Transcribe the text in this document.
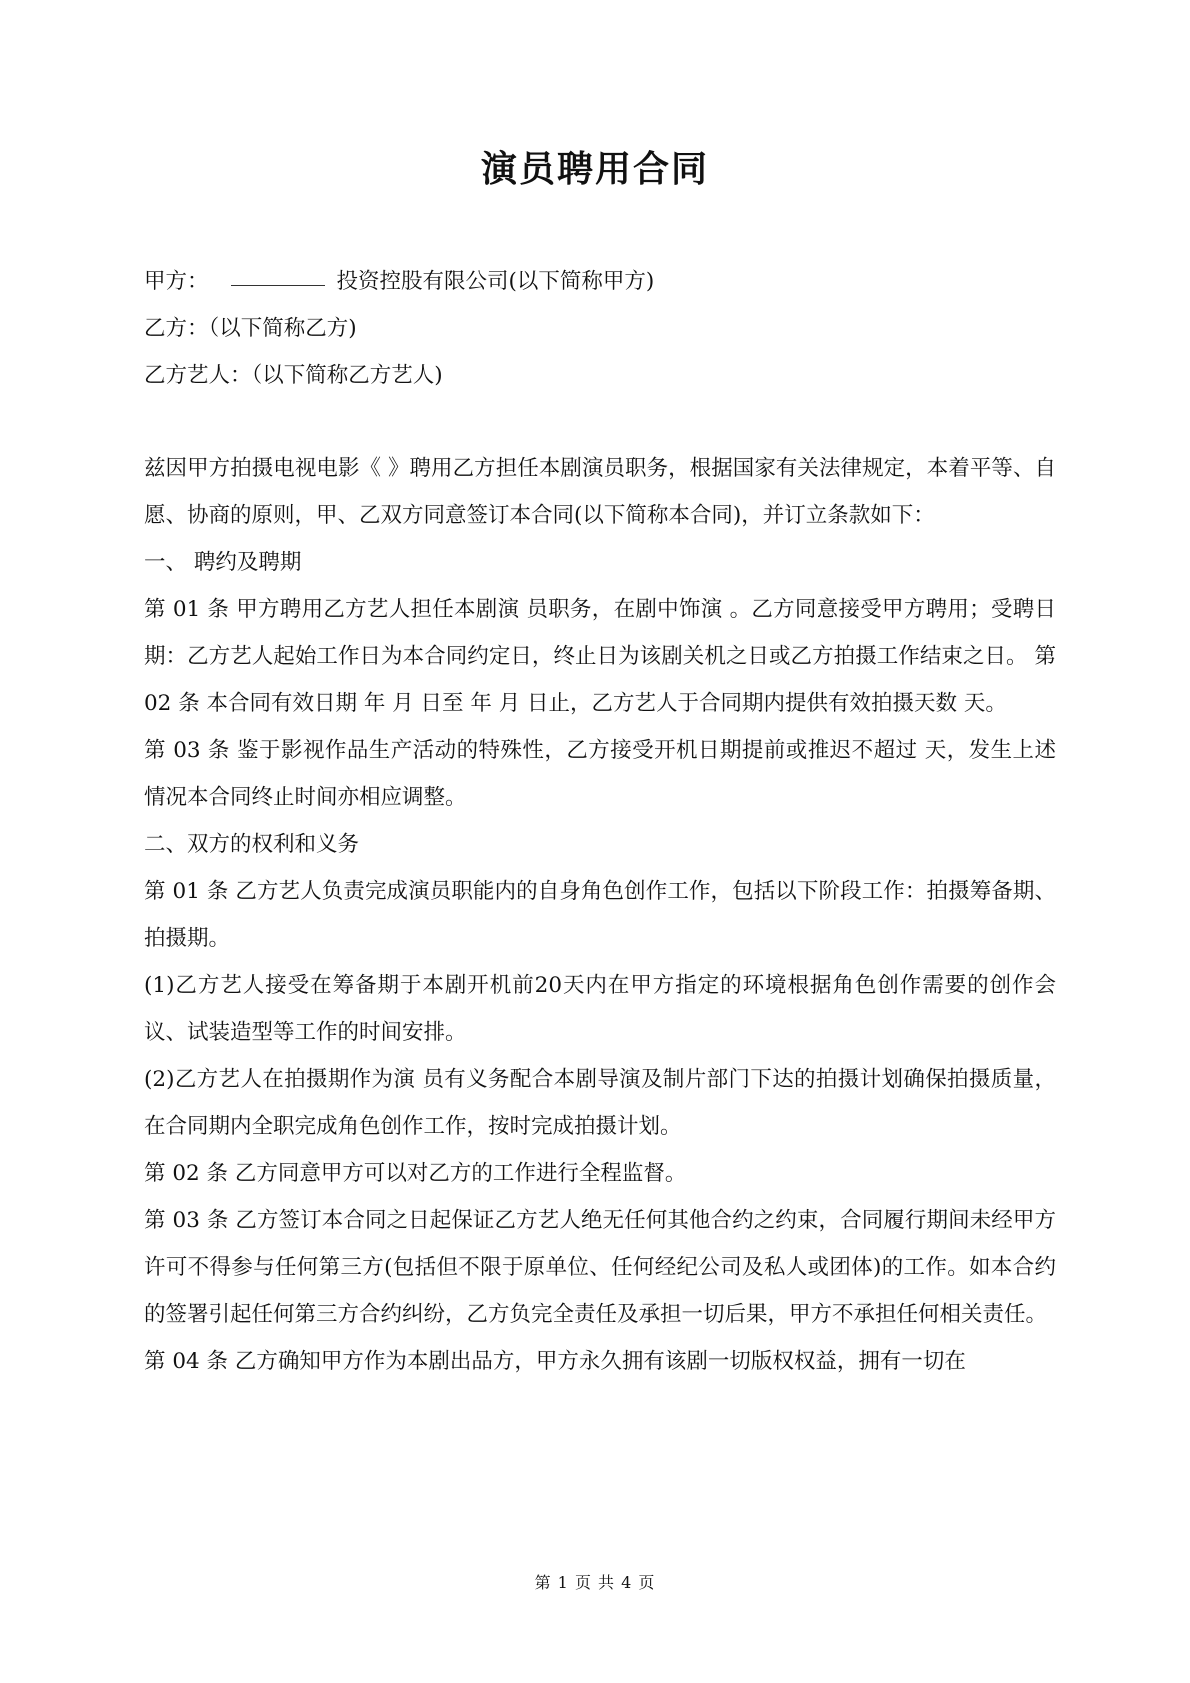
演员聘用合同

甲方：	投资控股有限公司(以下简称甲方)

乙方：（以下简称乙方)

乙方艺人：（以下简称乙方艺人)

兹因甲方拍摄电视电影《 》聘用乙方担任本剧演员职务，根据国家有关法律规定，本着平等、自愿、协商的原则，甲、乙双方同意签订本合同(以下简称本合同)，并订立条款如下：

一、 聘约及聘期

第 01 条 甲方聘用乙方艺人担任本剧演 员职务，在剧中饰演 。乙方同意接受甲方聘用；受聘日期：乙方艺人起始工作日为本合同约定日，终止日为该剧关机之日或乙方拍摄工作结束之日。 第 02 条 本合同有效日期 年 月 日至 年 月 日止，乙方艺人于合同期内提供有效拍摄天数 天。

第 03 条 鉴于影视作品生产活动的特殊性，乙方接受开机日期提前或推迟不超过 天，发生上述情况本合同终止时间亦相应调整。

二、双方的权利和义务

第 01 条 乙方艺人负责完成演员职能内的自身角色创作工作，包括以下阶段工作：拍摄筹备期、拍摄期。

(1)乙方艺人接受在筹备期于本剧开机前20天内在甲方指定的环境根据角色创作需要的创作会议、试装造型等工作的时间安排。

(2)乙方艺人在拍摄期作为演 员有义务配合本剧导演及制片部门下达的拍摄计划确保拍摄质量，在合同期内全职完成角色创作工作，按时完成拍摄计划。

第 02 条 乙方同意甲方可以对乙方的工作进行全程监督。

第 03 条 乙方签订本合同之日起保证乙方艺人绝无任何其他合约之约束，合同履行期间未经甲方许可不得参与任何第三方(包括但不限于原单位、任何经纪公司及私人或团体)的工作。如本合约的签署引起任何第三方合约纠纷，乙方负完全责任及承担一切后果，甲方不承担任何相关责任。

第 04 条 乙方确知甲方作为本剧出品方，甲方永久拥有该剧一切版权权益，拥有一切在

第 1 页 共 4 页
